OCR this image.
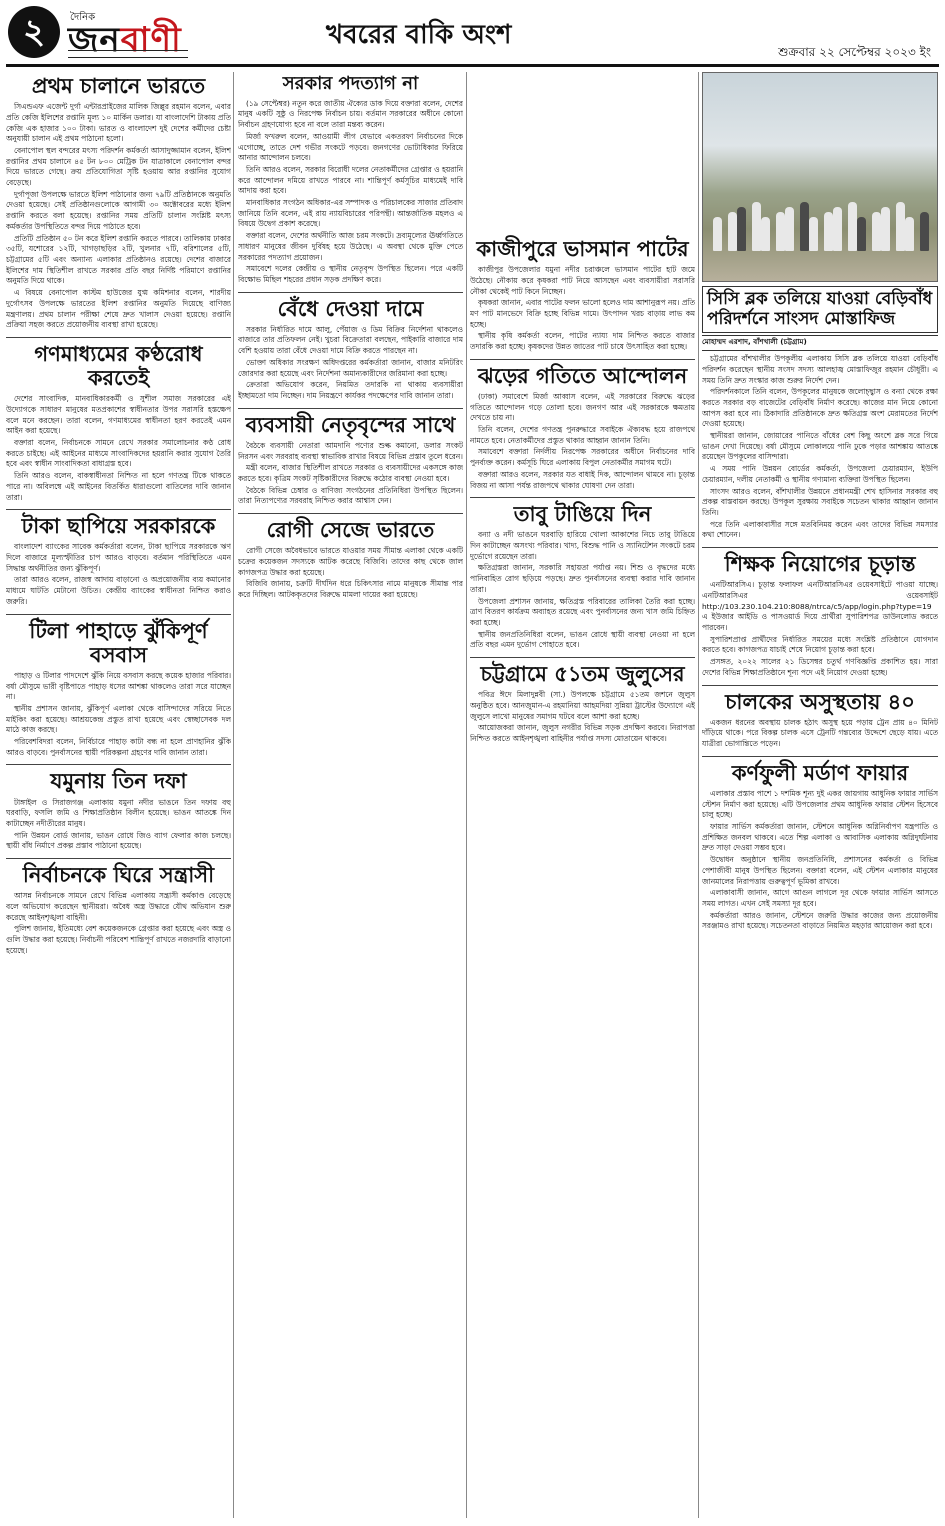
২	দৈনিক
জনবাণী	খবরের বাকি অংশ
শুক্রবার ২২ সেপ্টেম্বর ২০২৩ ইং
প্রথম চালানে ভারতে

সিএন্ডএফ এজেন্ট দুর্গা এন্টারপ্রাইজের মালিক জিল্লুর রহমান বলেন, এবার প্রতি কেজি ইলিশের রপ্তানি মূল্য ১০ মার্কিন ডলার। যা বাংলাদেশি টাকায় প্রতি কেজি এক হাজার ১০০ টাকা। ভারত ও বাংলাদেশ দুই দেশের কর্মীদের চেষ্টা অনুযায়ী চালান এই প্রথম পাঠানো হলো।

বেনাপোল স্থল বন্দরের মৎস্য পরিদর্শন কর্মকর্তা আসাদুজ্জামান বলেন, ইলিশ রপ্তানির প্রথম চালানে ৪৫ টন ৮০০ মেট্রিক টন যাত্রাকালে বেনাপোল বন্দর দিয়ে ভারতে গেছে। ক্রয় প্রতিযোগিতা সৃষ্টি হওয়ায় আর রপ্তানির সুযোগ বেড়েছে।

দুর্গাপূজা উপলক্ষে ভারতে ইলিশ পাঠানোর জন্য ৭৯টি প্রতিষ্ঠানকে অনুমতি দেওয়া হয়েছে। সেই প্রতিষ্ঠানগুলোকে আগামী ৩০ অক্টোবরের মধ্যে ইলিশ রপ্তানি করতে বলা হয়েছে। রপ্তানির সময় প্রতিটি চালান সংশ্লিষ্ট মৎস্য কর্মকর্তার উপস্থিতিতে বন্দর দিয়ে পাঠাতে হবে।

প্রতিটি প্রতিষ্ঠান ৫০ টন করে ইলিশ রপ্তানি করতে পারবে। তালিকায় ঢাকার ৩৫টি, যশোরের ১২টি, খাগড়াছড়ির ২টি, খুলনার ৭টি, বরিশালের ৫টি, চট্টগ্রামের ৫টি এবং অন্যান্য এলাকার প্রতিষ্ঠানও রয়েছে। দেশের বাজারে ইলিশের দাম স্থিতিশীল রাখতে সরকার প্রতি বছর নির্দিষ্ট পরিমাণে রপ্তানির অনুমতি দিয়ে থাকে।

এ বিষয়ে বেনাপোল কাস্টম হাউজের যুগ্ম কমিশনার বলেন, শারদীয় দুর্গোৎসব উপলক্ষে ভারতের ইলিশ রপ্তানির অনুমতি দিয়েছে বাণিজ্য মন্ত্রণালয়। প্রথম চালান পরীক্ষা শেষে দ্রুত খালাস দেওয়া হয়েছে। রপ্তানি প্রক্রিয়া সহজ করতে প্রয়োজনীয় ব্যবস্থা রাখা হয়েছে।

গণমাধ্যমের কণ্ঠরোধ করতেই

দেশের সাংবাদিক, মানবাধিকারকর্মী ও সুশীল সমাজ সরকারের এই উদ্যোগকে সাধারণ মানুষের মতপ্রকাশের স্বাধীনতার উপর সরাসরি হস্তক্ষেপ বলে মনে করছেন। তারা বলেন, গণমাধ্যমের স্বাধীনতা হরণ করতেই এমন আইন করা হয়েছে।

বক্তারা বলেন, নির্বাচনকে সামনে রেখে সরকার সমালোচনার কণ্ঠ রোধ করতে চাইছে। এই আইনের মাধ্যমে সাংবাদিকদের হয়রানি করার সুযোগ তৈরি হবে এবং স্বাধীন সাংবাদিকতা বাধাগ্রস্ত হবে।

তিনি আরও বলেন, বাকস্বাধীনতা নিশ্চিত না হলে গণতন্ত্র টিকে থাকতে পারে না। অবিলম্বে এই আইনের বিতর্কিত ধারাগুলো বাতিলের দাবি জানান তারা।

টাকা ছাপিয়ে সরকারকে

বাংলাদেশ ব্যাংকের সাবেক কর্মকর্তারা বলেন, টাকা ছাপিয়ে সরকারকে ঋণ দিলে বাজারে মূল্যস্ফীতির চাপ আরও বাড়বে। বর্তমান পরিস্থিতিতে এমন সিদ্ধান্ত অর্থনীতির জন্য ঝুঁকিপূর্ণ।

তারা আরও বলেন, রাজস্ব আদায় বাড়ানো ও অপ্রয়োজনীয় ব্যয় কমানোর মাধ্যমে ঘাটতি মেটানো উচিত। কেন্দ্রীয় ব্যাংকের স্বাধীনতা নিশ্চিত করাও জরুরি।

টিলা পাহাড়ে ঝুঁকিপূর্ণ বসবাস

পাহাড় ও টিলার পাদদেশে ঝুঁকি নিয়ে বসবাস করছে কয়েক হাজার পরিবার। বর্ষা মৌসুমে ভারী বৃষ্টিপাতে পাহাড় ধসের আশঙ্কা থাকলেও তারা সরে যাচ্ছেন না।

স্থানীয় প্রশাসন জানায়, ঝুঁকিপূর্ণ এলাকা থেকে বাসিন্দাদের সরিয়ে নিতে মাইকিং করা হয়েছে। আশ্রয়কেন্দ্র প্রস্তুত রাখা হয়েছে এবং স্বেচ্ছাসেবক দল মাঠে কাজ করছে।

পরিবেশবিদরা বলেন, নির্বিচারে পাহাড় কাটা বন্ধ না হলে প্রাণহানির ঝুঁকি আরও বাড়বে। পুনর্বাসনের স্থায়ী পরিকল্পনা গ্রহণের দাবি জানান তারা।

যমুনায় তিন দফা

টাঙ্গাইল ও সিরাজগঞ্জ এলাকায় যমুনা নদীর ভাঙনে তিন দফায় বহু ঘরবাড়ি, ফসলি জমি ও শিক্ষাপ্রতিষ্ঠান বিলীন হয়েছে। ভাঙন আতঙ্কে দিন কাটাচ্ছেন নদীতীরের মানুষ।

পানি উন্নয়ন বোর্ড জানায়, ভাঙন রোধে জিও ব্যাগ ফেলার কাজ চলছে। স্থায়ী বাঁধ নির্মাণে প্রকল্প প্রস্তাব পাঠানো হয়েছে।

নির্বাচনকে ঘিরে সন্ত্রাসী

আসন্ন নির্বাচনকে সামনে রেখে বিভিন্ন এলাকায় সন্ত্রাসী কর্মকাণ্ড বেড়েছে বলে অভিযোগ করেছেন স্থানীয়রা। অবৈধ অস্ত্র উদ্ধারে যৌথ অভিযান শুরু করেছে আইনশৃঙ্খলা বাহিনী।

পুলিশ জানায়, ইতিমধ্যে বেশ কয়েকজনকে গ্রেপ্তার করা হয়েছে এবং অস্ত্র ও গুলি উদ্ধার করা হয়েছে। নির্বাচনী পরিবেশ শান্তিপূর্ণ রাখতে নজরদারি বাড়ানো হয়েছে।

সরকার পদত্যাগ না

(১৯ সেপ্টেম্বর) নতুন করে জাতীয় ঐক্যের ডাক দিয়ে বক্তারা বলেন, দেশের মানুষ একটি সুষ্ঠু ও নিরপেক্ষ নির্বাচন চায়। বর্তমান সরকারের অধীনে কোনো নির্বাচন গ্রহণযোগ্য হবে না বলে তারা মন্তব্য করেন।

মির্জা ফখরুল বলেন, আওয়ামী লীগ যেভাবে একতরফা নির্বাচনের দিকে এগোচ্ছে, তাতে দেশ গভীর সংকটে পড়বে। জনগণের ভোটাধিকার ফিরিয়ে আনার আন্দোলন চলবে।

তিনি আরও বলেন, সরকার বিরোধী দলের নেতাকর্মীদের গ্রেপ্তার ও হয়রানি করে আন্দোলন দমিয়ে রাখতে পারবে না। শান্তিপূর্ণ কর্মসূচির মাধ্যমেই দাবি আদায় করা হবে।

মানবাধিকার সংগঠন অধিকার-এর সম্পাদক ও পরিচালকের সাজার প্রতিবাদ জানিয়ে তিনি বলেন, এই রায় ন্যায়বিচারের পরিপন্থী। আন্তর্জাতিক মহলও এ বিষয়ে উদ্বেগ প্রকাশ করেছে।

বক্তারা বলেন, দেশের অর্থনীতি আজ চরম সংকটে। দ্রব্যমূল্যের ঊর্ধ্বগতিতে সাধারণ মানুষের জীবন দুর্বিষহ হয়ে উঠেছে। এ অবস্থা থেকে মুক্তি পেতে সরকারের পদত্যাগ প্রয়োজন।

সমাবেশে দলের কেন্দ্রীয় ও স্থানীয় নেতৃবৃন্দ উপস্থিত ছিলেন। পরে একটি বিক্ষোভ মিছিল শহরের প্রধান সড়ক প্রদক্ষিণ করে।

বেঁধে দেওয়া দামে

সরকার নির্ধারিত দামে আলু, পেঁয়াজ ও ডিম বিক্রির নির্দেশনা থাকলেও বাজারে তার প্রতিফলন নেই। খুচরা বিক্রেতারা বলছেন, পাইকারি বাজারে দাম বেশি হওয়ায় তারা বেঁধে দেওয়া দামে বিক্রি করতে পারছেন না।

ভোক্তা অধিকার সংরক্ষণ অধিদপ্তরের কর্মকর্তারা জানান, বাজার মনিটরিং জোরদার করা হয়েছে এবং নির্দেশনা অমান্যকারীদের জরিমানা করা হচ্ছে।

ক্রেতারা অভিযোগ করেন, নিয়মিত তদারকি না থাকায় ব্যবসায়ীরা ইচ্ছামতো দাম নিচ্ছেন। দাম নিয়ন্ত্রণে কার্যকর পদক্ষেপের দাবি জানান তারা।

ব্যবসায়ী নেতৃবৃন্দের সাথে

বৈঠকে ব্যবসায়ী নেতারা আমদানি পণ্যের শুল্ক কমানো, ডলার সংকট নিরসন এবং সরবরাহ ব্যবস্থা স্বাভাবিক রাখার বিষয়ে বিভিন্ন প্রস্তাব তুলে ধরেন।

মন্ত্রী বলেন, বাজার স্থিতিশীল রাখতে সরকার ও ব্যবসায়ীদের একসঙ্গে কাজ করতে হবে। কৃত্রিম সংকট সৃষ্টিকারীদের বিরুদ্ধে কঠোর ব্যবস্থা নেওয়া হবে।

বৈঠকে বিভিন্ন চেম্বার ও বাণিজ্য সংগঠনের প্রতিনিধিরা উপস্থিত ছিলেন। তারা নিত্যপণ্যের সরবরাহ নিশ্চিত করার আশ্বাস দেন।

রোগী সেজে ভারতে

রোগী সেজে অবৈধভাবে ভারতে যাওয়ার সময় সীমান্ত এলাকা থেকে একটি চক্রের কয়েকজন সদস্যকে আটক করেছে বিজিবি। তাদের কাছ থেকে জাল কাগজপত্র উদ্ধার করা হয়েছে।

বিজিবি জানায়, চক্রটি দীর্ঘদিন ধরে চিকিৎসার নামে মানুষকে সীমান্ত পার করে দিচ্ছিল। আটককৃতদের বিরুদ্ধে মামলা দায়ের করা হয়েছে।

কাজীপুরে ভাসমান পাটের

কাজীপুর উপজেলার যমুনা নদীর চরাঞ্চলে ভাসমান পাটের হাট জমে উঠেছে। নৌকায় করে কৃষকরা পাট নিয়ে আসছেন এবং ব্যবসায়ীরা সরাসরি নৌকা থেকেই পাট কিনে নিচ্ছেন।

কৃষকরা জানান, এবার পাটের ফলন ভালো হলেও দাম আশানুরূপ নয়। প্রতি মণ পাট মানভেদে বিক্রি হচ্ছে বিভিন্ন দামে। উৎপাদন খরচ বাড়ায় লাভ কম হচ্ছে।

স্থানীয় কৃষি কর্মকর্তা বলেন, পাটের ন্যায্য দাম নিশ্চিত করতে বাজার তদারকি করা হচ্ছে। কৃষকদের উন্নত জাতের পাট চাষে উৎসাহিত করা হচ্ছে।

ঝড়ের গতিতে আন্দোলন

(ঢাকা) সমাবেশে মির্জা আব্বাস বলেন, এই সরকারের বিরুদ্ধে ঝড়ের গতিতে আন্দোলন গড়ে তোলা হবে। জনগণ আর এই সরকারকে ক্ষমতায় দেখতে চায় না।

তিনি বলেন, দেশের গণতন্ত্র পুনরুদ্ধারে সবাইকে ঐক্যবদ্ধ হয়ে রাজপথে নামতে হবে। নেতাকর্মীদের প্রস্তুত থাকার আহ্বান জানান তিনি।

সমাবেশে বক্তারা নির্দলীয় নিরপেক্ষ সরকারের অধীনে নির্বাচনের দাবি পুনর্ব্যক্ত করেন। কর্মসূচি ঘিরে এলাকায় বিপুল নেতাকর্মীর সমাগম ঘটে।

বক্তারা আরও বলেন, সরকার যত বাধাই দিক, আন্দোলন থামবে না। চূড়ান্ত বিজয় না আসা পর্যন্ত রাজপথে থাকার ঘোষণা দেন তারা।

তাবু টাঙিয়ে দিন

বন্যা ও নদী ভাঙনে ঘরবাড়ি হারিয়ে খোলা আকাশের নিচে তাবু টাঙিয়ে দিন কাটাচ্ছেন অসংখ্য পরিবার। খাদ্য, বিশুদ্ধ পানি ও স্যানিটেশন সংকটে চরম দুর্ভোগে রয়েছেন তারা।

ক্ষতিগ্রস্তরা জানান, সরকারি সহায়তা পর্যাপ্ত নয়। শিশু ও বৃদ্ধদের মধ্যে পানিবাহিত রোগ ছড়িয়ে পড়ছে। দ্রুত পুনর্বাসনের ব্যবস্থা করার দাবি জানান তারা।

উপজেলা প্রশাসন জানায়, ক্ষতিগ্রস্ত পরিবারের তালিকা তৈরি করা হচ্ছে। ত্রাণ বিতরণ কার্যক্রম অব্যাহত রয়েছে এবং পুনর্বাসনের জন্য খাস জমি চিহ্নিত করা হচ্ছে।

স্থানীয় জনপ্রতিনিধিরা বলেন, ভাঙন রোধে স্থায়ী ব্যবস্থা নেওয়া না হলে প্রতি বছর এমন দুর্ভোগ পোহাতে হবে।

চট্টগ্রামে ৫১তম জুলুসের

পবিত্র ঈদে মিলাদুন্নবী (সা.) উপলক্ষে চট্টগ্রামে ৫১তম জশনে জুলুস অনুষ্ঠিত হবে। আনজুমান-এ রহমানিয়া আহমদিয়া সুন্নিয়া ট্রাস্টের উদ্যোগে এই জুলুসে লাখো মানুষের সমাগম ঘটবে বলে আশা করা হচ্ছে।

আয়োজকরা জানান, জুলুস নগরীর বিভিন্ন সড়ক প্রদক্ষিণ করবে। নিরাপত্তা নিশ্চিত করতে আইনশৃঙ্খলা বাহিনীর পর্যাপ্ত সদস্য মোতায়েন থাকবে।

সিসি ব্লক তলিয়ে যাওয়া বেড়িবাঁধ পরিদর্শনে সাংসদ মোস্তাফিজ
মোহাম্মদ এরশাদ, বাঁশখালী (চট্টগ্রাম)

চট্টগ্রামের বাঁশখালীর উপকূলীয় এলাকায় সিসি ব্লক তলিয়ে যাওয়া বেড়িবাঁধ পরিদর্শন করেছেন স্থানীয় সংসদ সদস্য আলহাজ্ব মোস্তাফিজুর রহমান চৌধুরী। এ সময় তিনি দ্রুত সংস্কার কাজ শুরুর নির্দেশ দেন।

পরিদর্শনকালে তিনি বলেন, উপকূলের মানুষকে জলোচ্ছ্বাস ও বন্যা থেকে রক্ষা করতে সরকার বড় বাজেটের বেড়িবাঁধ নির্মাণ করেছে। কাজের মান নিয়ে কোনো আপস করা হবে না। ঠিকাদারি প্রতিষ্ঠানকে দ্রুত ক্ষতিগ্রস্ত অংশ মেরামতের নির্দেশ দেওয়া হয়েছে।

স্থানীয়রা জানান, জোয়ারের পানিতে বাঁধের বেশ কিছু অংশে ব্লক সরে গিয়ে ভাঙন দেখা দিয়েছে। বর্ষা মৌসুমে লোকালয়ে পানি ঢুকে পড়ার আশঙ্কায় আতঙ্কে রয়েছেন উপকূলের বাসিন্দারা।

এ সময় পানি উন্নয়ন বোর্ডের কর্মকর্তা, উপজেলা চেয়ারম্যান, ইউপি চেয়ারম্যান, দলীয় নেতাকর্মী ও স্থানীয় গণ্যমান্য ব্যক্তিরা উপস্থিত ছিলেন।

সাংসদ আরও বলেন, বাঁশখালীর উন্নয়নে প্রধানমন্ত্রী শেখ হাসিনার সরকার বহু প্রকল্প বাস্তবায়ন করছে। উপকূল সুরক্ষায় সবাইকে সচেতন থাকার আহ্বান জানান তিনি।

পরে তিনি এলাকাবাসীর সঙ্গে মতবিনিময় করেন এবং তাদের বিভিন্ন সমস্যার কথা শোনেন।

শিক্ষক নিয়োগের চূড়ান্ত

এনটিআরসিএ। চূড়ান্ত ফলাফল এনটিআরসিএর ওয়েবসাইটে পাওয়া যাচ্ছে। এনটিআরসিএর ওয়েবসাইট http://103.230.104.210:8088/ntrca/c5/app/login.php?type=19 এ ইউজার আইডি ও পাসওয়ার্ড দিয়ে প্রার্থীরা সুপারিশপত্র ডাউনলোড করতে পারবেন।

সুপারিশপ্রাপ্ত প্রার্থীদের নির্ধারিত সময়ের মধ্যে সংশ্লিষ্ট প্রতিষ্ঠানে যোগদান করতে হবে। কাগজপত্র যাচাই শেষে নিয়োগ চূড়ান্ত করা হবে।

প্রসঙ্গত, ২০২২ সালের ২১ ডিসেম্বর চতুর্থ গণবিজ্ঞপ্তি প্রকাশিত হয়। সারা দেশের বিভিন্ন শিক্ষাপ্রতিষ্ঠানে শূন্য পদে এই নিয়োগ দেওয়া হচ্ছে।

চালকের অসুস্থতায় ৪০

একজন ধরনের অবস্থায় চালক হঠাৎ অসুস্থ হয়ে পড়ায় ট্রেন প্রায় ৪০ মিনিট দাঁড়িয়ে থাকে। পরে বিকল্প চালক এসে ট্রেনটি গন্তব্যের উদ্দেশে ছেড়ে যায়। এতে যাত্রীরা ভোগান্তিতে পড়েন।

কর্ণফুলী মর্ডাণ ফায়ার

এলাকার প্রস্তাব পাশে ১ দশমিক শূন্য দুই একর জায়গায় আধুনিক ফায়ার সার্ভিস স্টেশন নির্মাণ করা হয়েছে। এটি উপজেলার প্রথম আধুনিক ফায়ার স্টেশন হিসেবে চালু হচ্ছে।

ফায়ার সার্ভিস কর্মকর্তারা জানান, স্টেশনে আধুনিক অগ্নিনির্বাপণ যন্ত্রপাতি ও প্রশিক্ষিত জনবল থাকবে। এতে শিল্প এলাকা ও আবাসিক এলাকায় অগ্নিদুর্ঘটনায় দ্রুত সাড়া দেওয়া সম্ভব হবে।

উদ্বোধন অনুষ্ঠানে স্থানীয় জনপ্রতিনিধি, প্রশাসনের কর্মকর্তা ও বিভিন্ন পেশাজীবী মানুষ উপস্থিত ছিলেন। বক্তারা বলেন, এই স্টেশন এলাকার মানুষের জানমালের নিরাপত্তায় গুরুত্বপূর্ণ ভূমিকা রাখবে।

এলাকাবাসী জানান, আগে আগুন লাগলে দূর থেকে ফায়ার সার্ভিস আসতে সময় লাগত। এখন সেই সমস্যা দূর হবে।

কর্মকর্তারা আরও জানান, স্টেশনে জরুরি উদ্ধার কাজের জন্য প্রয়োজনীয় সরঞ্জামও রাখা হয়েছে। সচেতনতা বাড়াতে নিয়মিত মহড়ার আয়োজন করা হবে।
